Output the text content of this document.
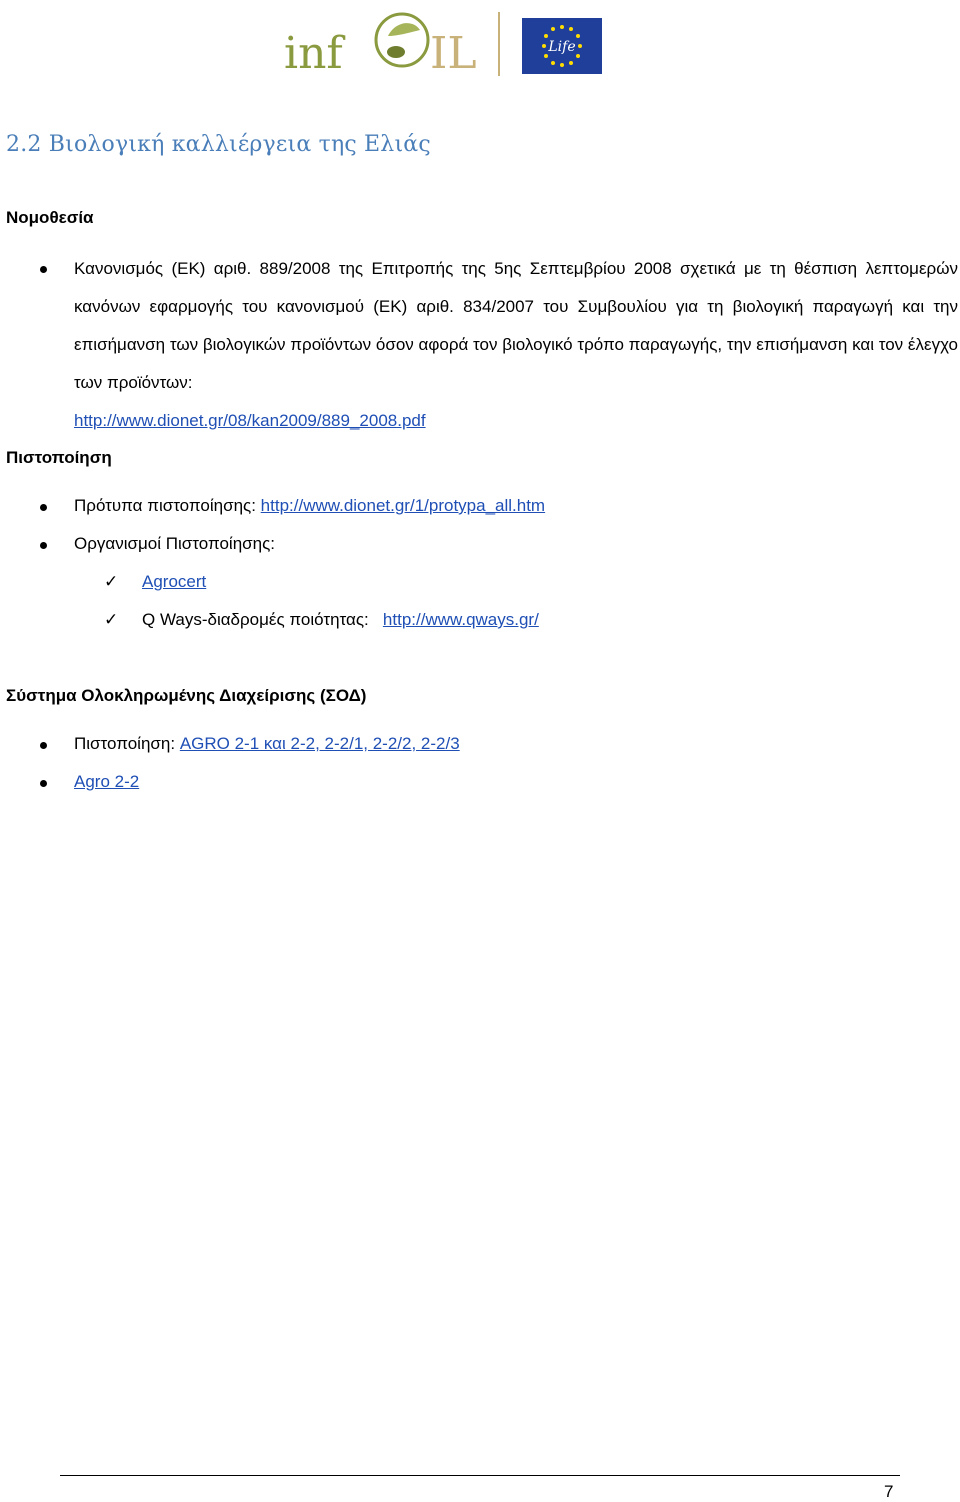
inf IL	Life
2.2 Βιολογική καλλιέργεια της Ελιάς
Νομοθεσία

Κανονισμός (ΕΚ) αριθ. 889/2008 της Επιτροπής της 5ης Σεπτεμβρίου 2008 σχετικά με τη θέσπιση λεπτομερών κανόνων εφαρμογής του κανονισμού (ΕΚ) αριθ. 834/2007 του Συμβουλίου για τη βιολογική παραγωγή και την επισήμανση των βιολογικών προϊόντων όσον αφορά τον βιολογικό τρόπο παραγωγής, την επισήμανση και τον έλεγχο των προϊόντων:
http://www.dionet.gr/08/kan2009/889_2008.pdf

Πιστοποίηση
Πρότυπα πιστοποίησης: http://www.dionet.gr/1/protypa_all.htm
Οργανισμοί Πιστοποίησης:
✓ Agrocert
✓ Q Ways-διαδρομές ποιότητας: http://www.qways.gr/
Σύστημα Ολοκληρωμένης Διαχείρισης (ΣΟΔ)
Πιστοποίηση: AGRO 2-1 και 2-2, 2-2/1, 2-2/2, 2-2/3
Agro 2-2
7
